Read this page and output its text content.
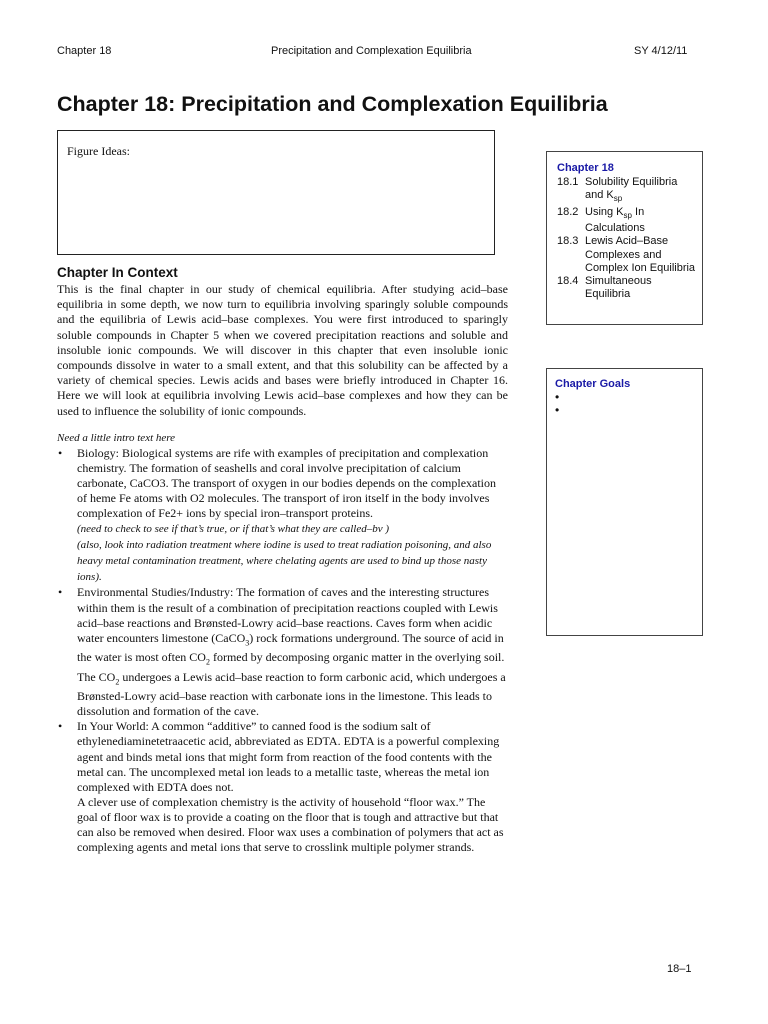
Chapter 18	Precipitation and Complexation Equilibria	SY 4/12/11
Chapter 18: Precipitation and Complexation Equilibria
Figure Ideas:
Chapter In Context

This is the final chapter in our study of chemical equilibria. After studying acid–base equilibria in some depth, we now turn to equilibria involving sparingly soluble compounds and the equilibria of Lewis acid–base complexes. You were first introduced to sparingly soluble compounds in Chapter 5 when we covered precipitation reactions and soluble and insoluble ionic compounds. We will discover in this chapter that even insoluble ionic compounds dissolve in water to a small extent, and that this solubility can be affected by a variety of chemical species. Lewis acids and bases were briefly introduced in Chapter 16. Here we will look at equilibria involving Lewis acid–base complexes and how they can be used to influence the solubility of ionic compounds.

Need a little intro text here
• Biology: Biological systems are rife with examples of precipitation and complexation chemistry. The formation of seashells and coral involve precipitation of calcium carbonate, CaCO3. The transport of oxygen in our bodies depends on the complexation of heme Fe atoms with O2 molecules. The transport of iron itself in the body involves complexation of Fe2+ ions by special iron–transport proteins.
(need to check to see if that’s true, or if that’s what they are called–bv )
(also, look into radiation treatment where iodine is used to treat radiation poisoning, and also heavy metal contamination treatment, where chelating agents are used to bind up those nasty ions).
• Environmental Studies/Industry: The formation of caves and the interesting structures within them is the result of a combination of precipitation reactions coupled with Lewis acid–base reactions and Brønsted-Lowry acid–base reactions. Caves form when acidic water encounters limestone (CaCO$_3$) rock formations underground. The source of acid in the water is most often $CO_2$ formed by decomposing organic matter in the overlying soil. The $CO_2$ undergoes a Lewis acid–base reaction to form carbonic acid, which undergoes a Brønsted-Lowry acid–base reaction with carbonate ions in the limestone. This leads to dissolution and formation of the cave.
• In Your World: A common “additive” to canned food is the sodium salt of ethylenediaminetetraacetic acid, abbreviated as EDTA. EDTA is a powerful complexing agent and binds metal ions that might form from reaction of the food contents with the metal can. The uncomplexed metal ion leads to a metallic taste, whereas the metal ion complexed with EDTA does not.
A clever use of complexation chemistry is the activity of household “floor wax.” The goal of floor wax is to provide a coating on the floor that is tough and attractive but that can also be removed when desired. Floor wax uses a combination of polymers that act as complexing agents and metal ions that serve to crosslink multiple polymer strands.
Chapter 18
18.1 Solubility Equilibria and $K_{sp}$
18.2 Using $K_{sp}$ In Calculations
18.3 Lewis Acid–Base Complexes and Complex Ion Equilibria
18.4 Simultaneous Equilibria
Chapter Goals
•
•
18–1
